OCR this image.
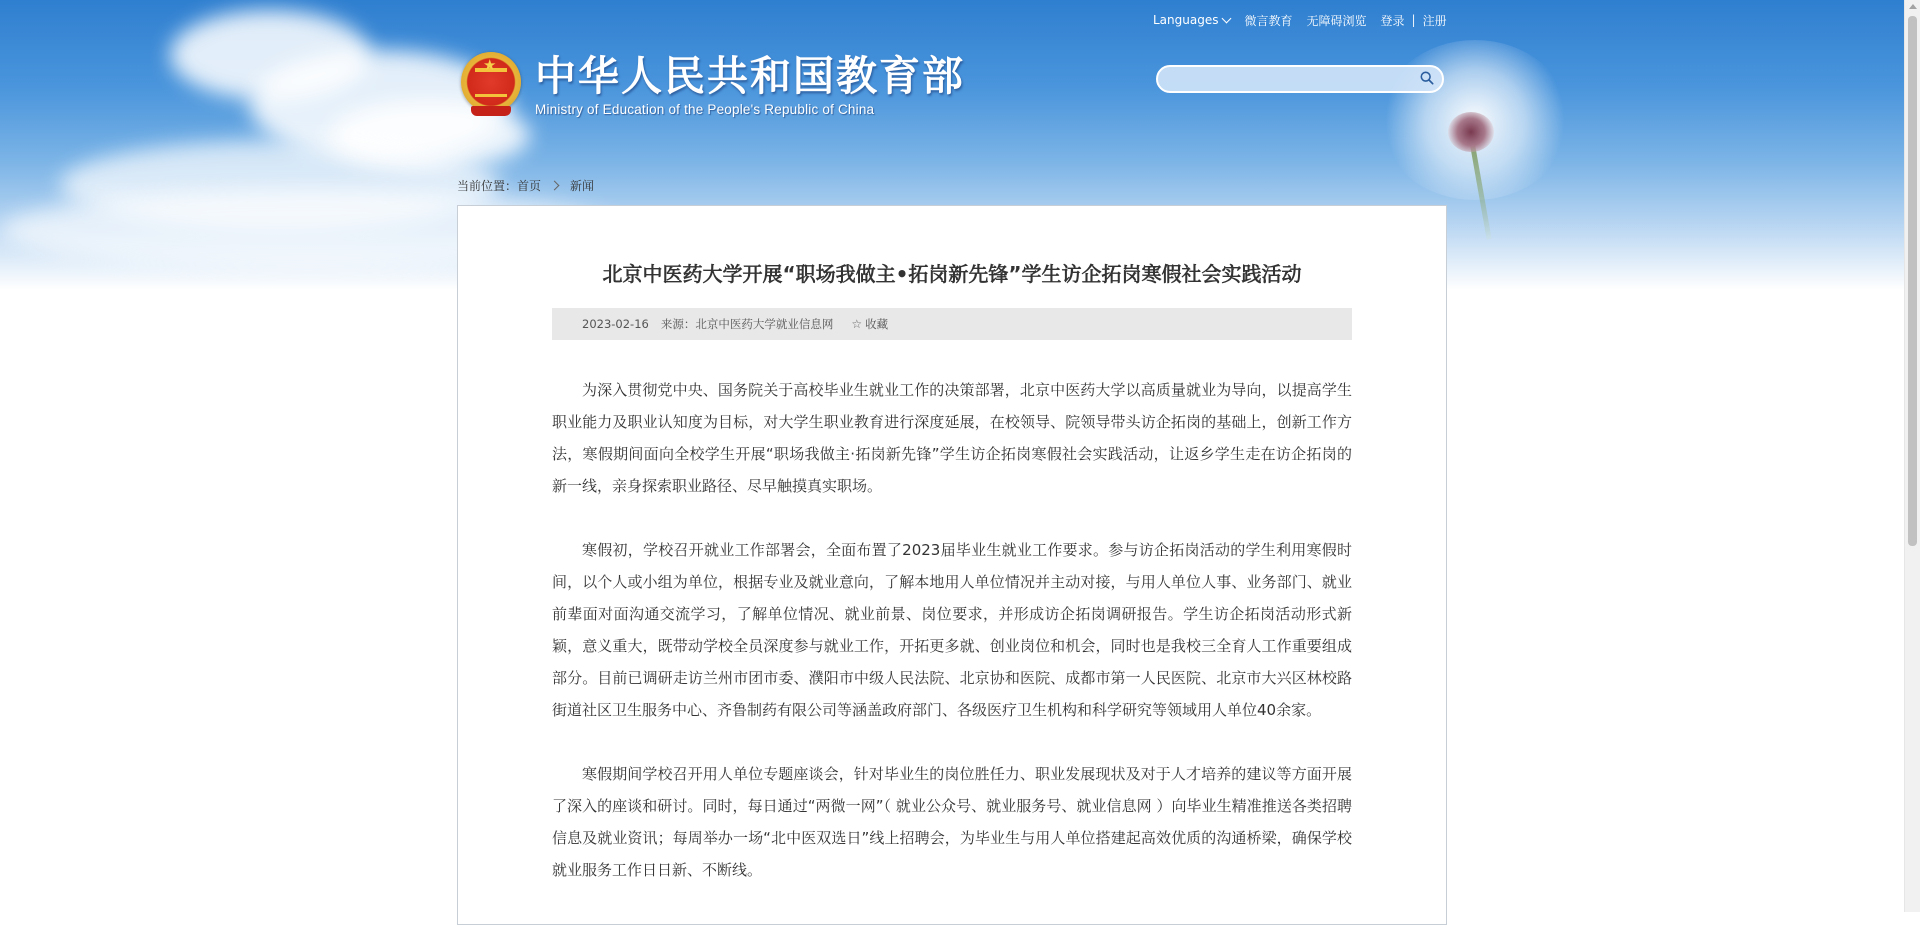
Languages 微言教育 无障碍浏览 登录 | 注册
★ 中华人民共和国教育部
Ministry of Education of the People's Republic of China
当前位置： 首页 新闻
北京中医药大学开展“职场我做主•拓岗新先锋”学生访企拓岗寒假社会实践活动
2023-02-16 来源：北京中医药大学就业信息网 ☆ 收藏

为深入贯彻党中央、国务院关于高校毕业生就业工作的决策部署，北京中医药大学以高质量就业为导向，以提高学生职业能力及职业认知度为目标，对大学生职业教育进行深度延展，在校领导、院领导带头访企拓岗的基础上，创新工作方法，寒假期间面向全校学生开展“职场我做主·拓岗新先锋”学生访企拓岗寒假社会实践活动，让返乡学生走在访企拓岗的新一线，亲身探索职业路径、尽早触摸真实职场。

寒假初，学校召开就业工作部署会，全面布置了2023届毕业生就业工作要求。参与访企拓岗活动的学生利用寒假时间，以个人或小组为单位，根据专业及就业意向，了解本地用人单位情况并主动对接，与用人单位人事、业务部门、就业前辈面对面沟通交流学习，了解单位情况、就业前景、岗位要求，并形成访企拓岗调研报告。学生访企拓岗活动形式新颖，意义重大，既带动学校全员深度参与就业工作，开拓更多就、创业岗位和机会，同时也是我校三全育人工作重要组成部分。目前已调研走访兰州市团市委、濮阳市中级人民法院、北京协和医院、成都市第一人民医院、北京市大兴区林校路街道社区卫生服务中心、齐鲁制药有限公司等涵盖政府部门、各级医疗卫生机构和科学研究等领域用人单位40余家。

寒假期间学校召开用人单位专题座谈会，针对毕业生的岗位胜任力、职业发展现状及对于人才培养的建议等方面开展了深入的座谈和研讨。同时，每日通过“两微一网”（ 就业公众号、就业服务号、就业信息网 ）向毕业生精准推送各类招聘信息及就业资讯；每周举办一场“北中医双选日”线上招聘会，为毕业生与用人单位搭建起高效优质的沟通桥梁，确保学校就业服务工作日日新、不断线。
